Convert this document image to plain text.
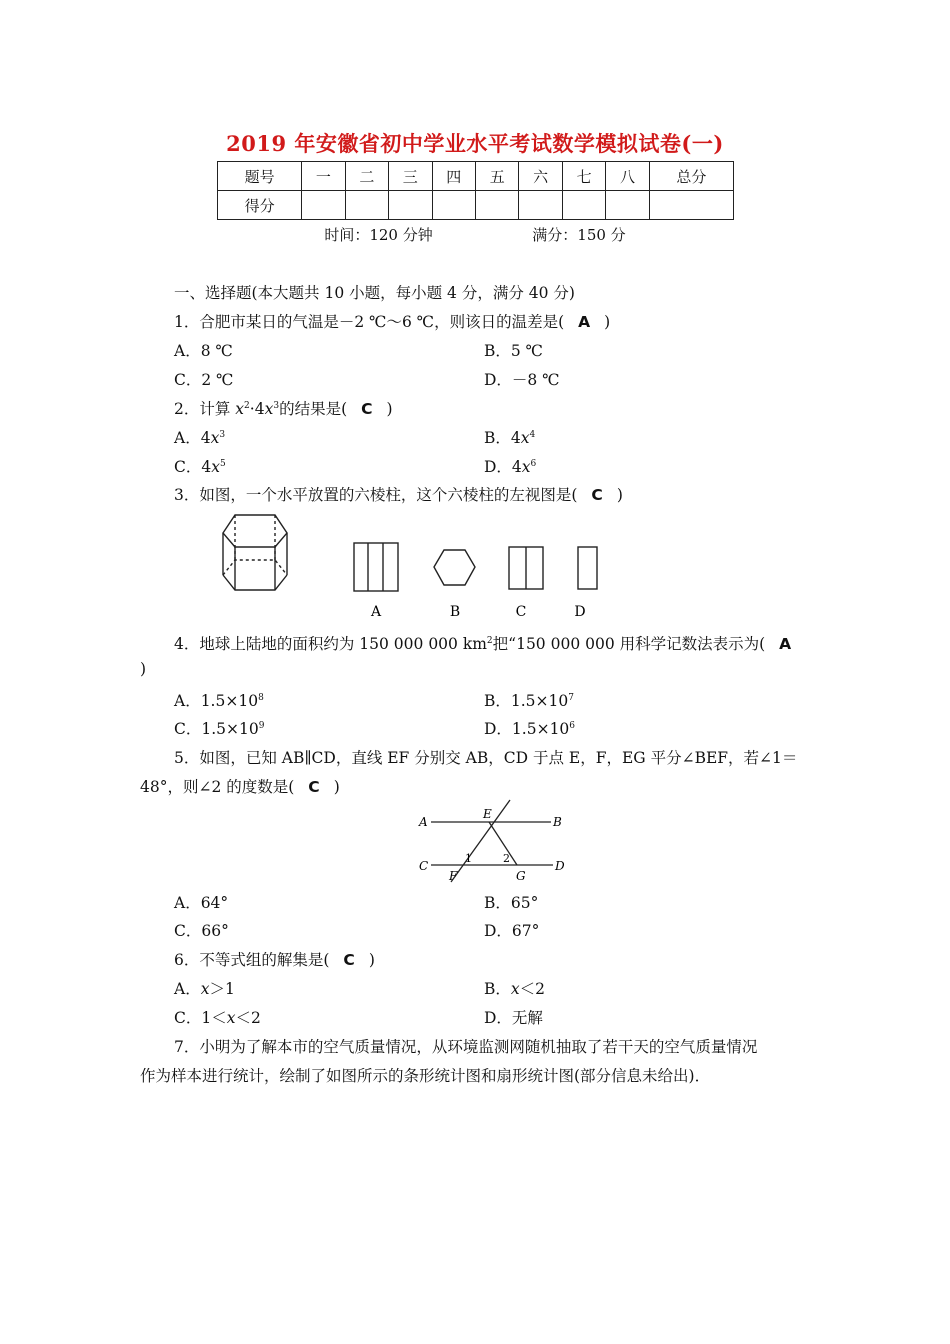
2019 年安徽省初中学业水平考试数学模拟试卷(一)
题号	一	二	三	四	五	六	七	八	总分
得分									
时间：120 分钟	满分：150 分
一、选择题(本大题共 10 小题，每小题 4 分，满分 40 分)
1．合肥市某日的气温是－2 ℃～6 ℃，则该日的温差是( A )
A．8 ℃	B．5 ℃
C．2 ℃	D．－8 ℃
2．计算 $x^2\cdot 4x^3$的结果是( C )
A．$4x^3$	B．$4x^4$
C．$4x^5$	D．$4x^6$
3．如图，一个水平放置的六棱柱，这个六棱柱的左视图是( C )
A	B	C	D
4．地球上陆地的面积约为 150 000 000 $km^2$把“150 000 000 用科学记数法表示为( A
)
A．$1.5\times 10^8$	B．$1.5\times 10^7$
C．$1.5\times 10^9$	D．$1.5\times 10^6$
5．如图，已知 AB∥CD，直线 EF 分别交 AB，CD 于点 E，F，EG 平分∠BEF，若∠1＝
48°，则∠2 的度数是( C )
A
E
B
C	D
F	G
1	2
A．64°	B．65°
C．66°	D．67°
6．不等式组的解集是( C )
A．x＞1	B．x＜2
C．1＜x＜2	D．无解
7．小明为了解本市的空气质量情况，从环境监测网随机抽取了若干天的空气质量情况
作为样本进行统计，绘制了如图所示的条形统计图和扇形统计图(部分信息未给出)．
